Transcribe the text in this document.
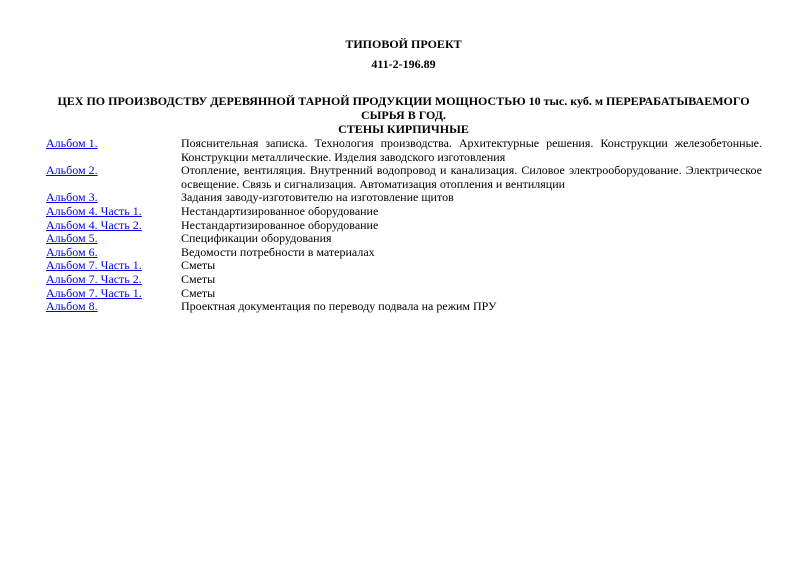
ТИПОВОЙ ПРОЕКТ
411-2-196.89
ЦЕХ ПО ПРОИЗВОДСТВУ ДЕРЕВЯННОЙ ТАРНОЙ ПРОДУКЦИИ МОЩНОСТЬЮ 10 тыс. куб. м ПЕРЕРАБАТЫВАЕМОГО СЫРЬЯ В ГОД.
СТЕНЫ КИРПИЧНЫЕ
Альбом 1.	Пояснительная записка. Технология производства. Архитектурные решения. Конструкции железобетонные. Конструкции металлические. Изделия заводского изготовления
Альбом 2.	Отопление, вентиляция. Внутренний водопровод и канализация. Силовое электрооборудование. Электрическое освещение. Связь и сигнализация. Автоматизация отопления и вентиляции
Альбом 3.	Задания заводу-изготовителю на изготовление щитов
Альбом 4. Часть 1.	Нестандартизированное оборудование
Альбом 4. Часть 2.	Нестандартизированное оборудование
Альбом 5.	Спецификации оборудования
Альбом 6.	Ведомости потребности в материалах
Альбом 7. Часть 1.	Сметы
Альбом 7. Часть 2.	Сметы
Альбом 7. Часть 1.	Сметы
Альбом 8.	Проектная документация по переводу подвала на режим ПРУ
